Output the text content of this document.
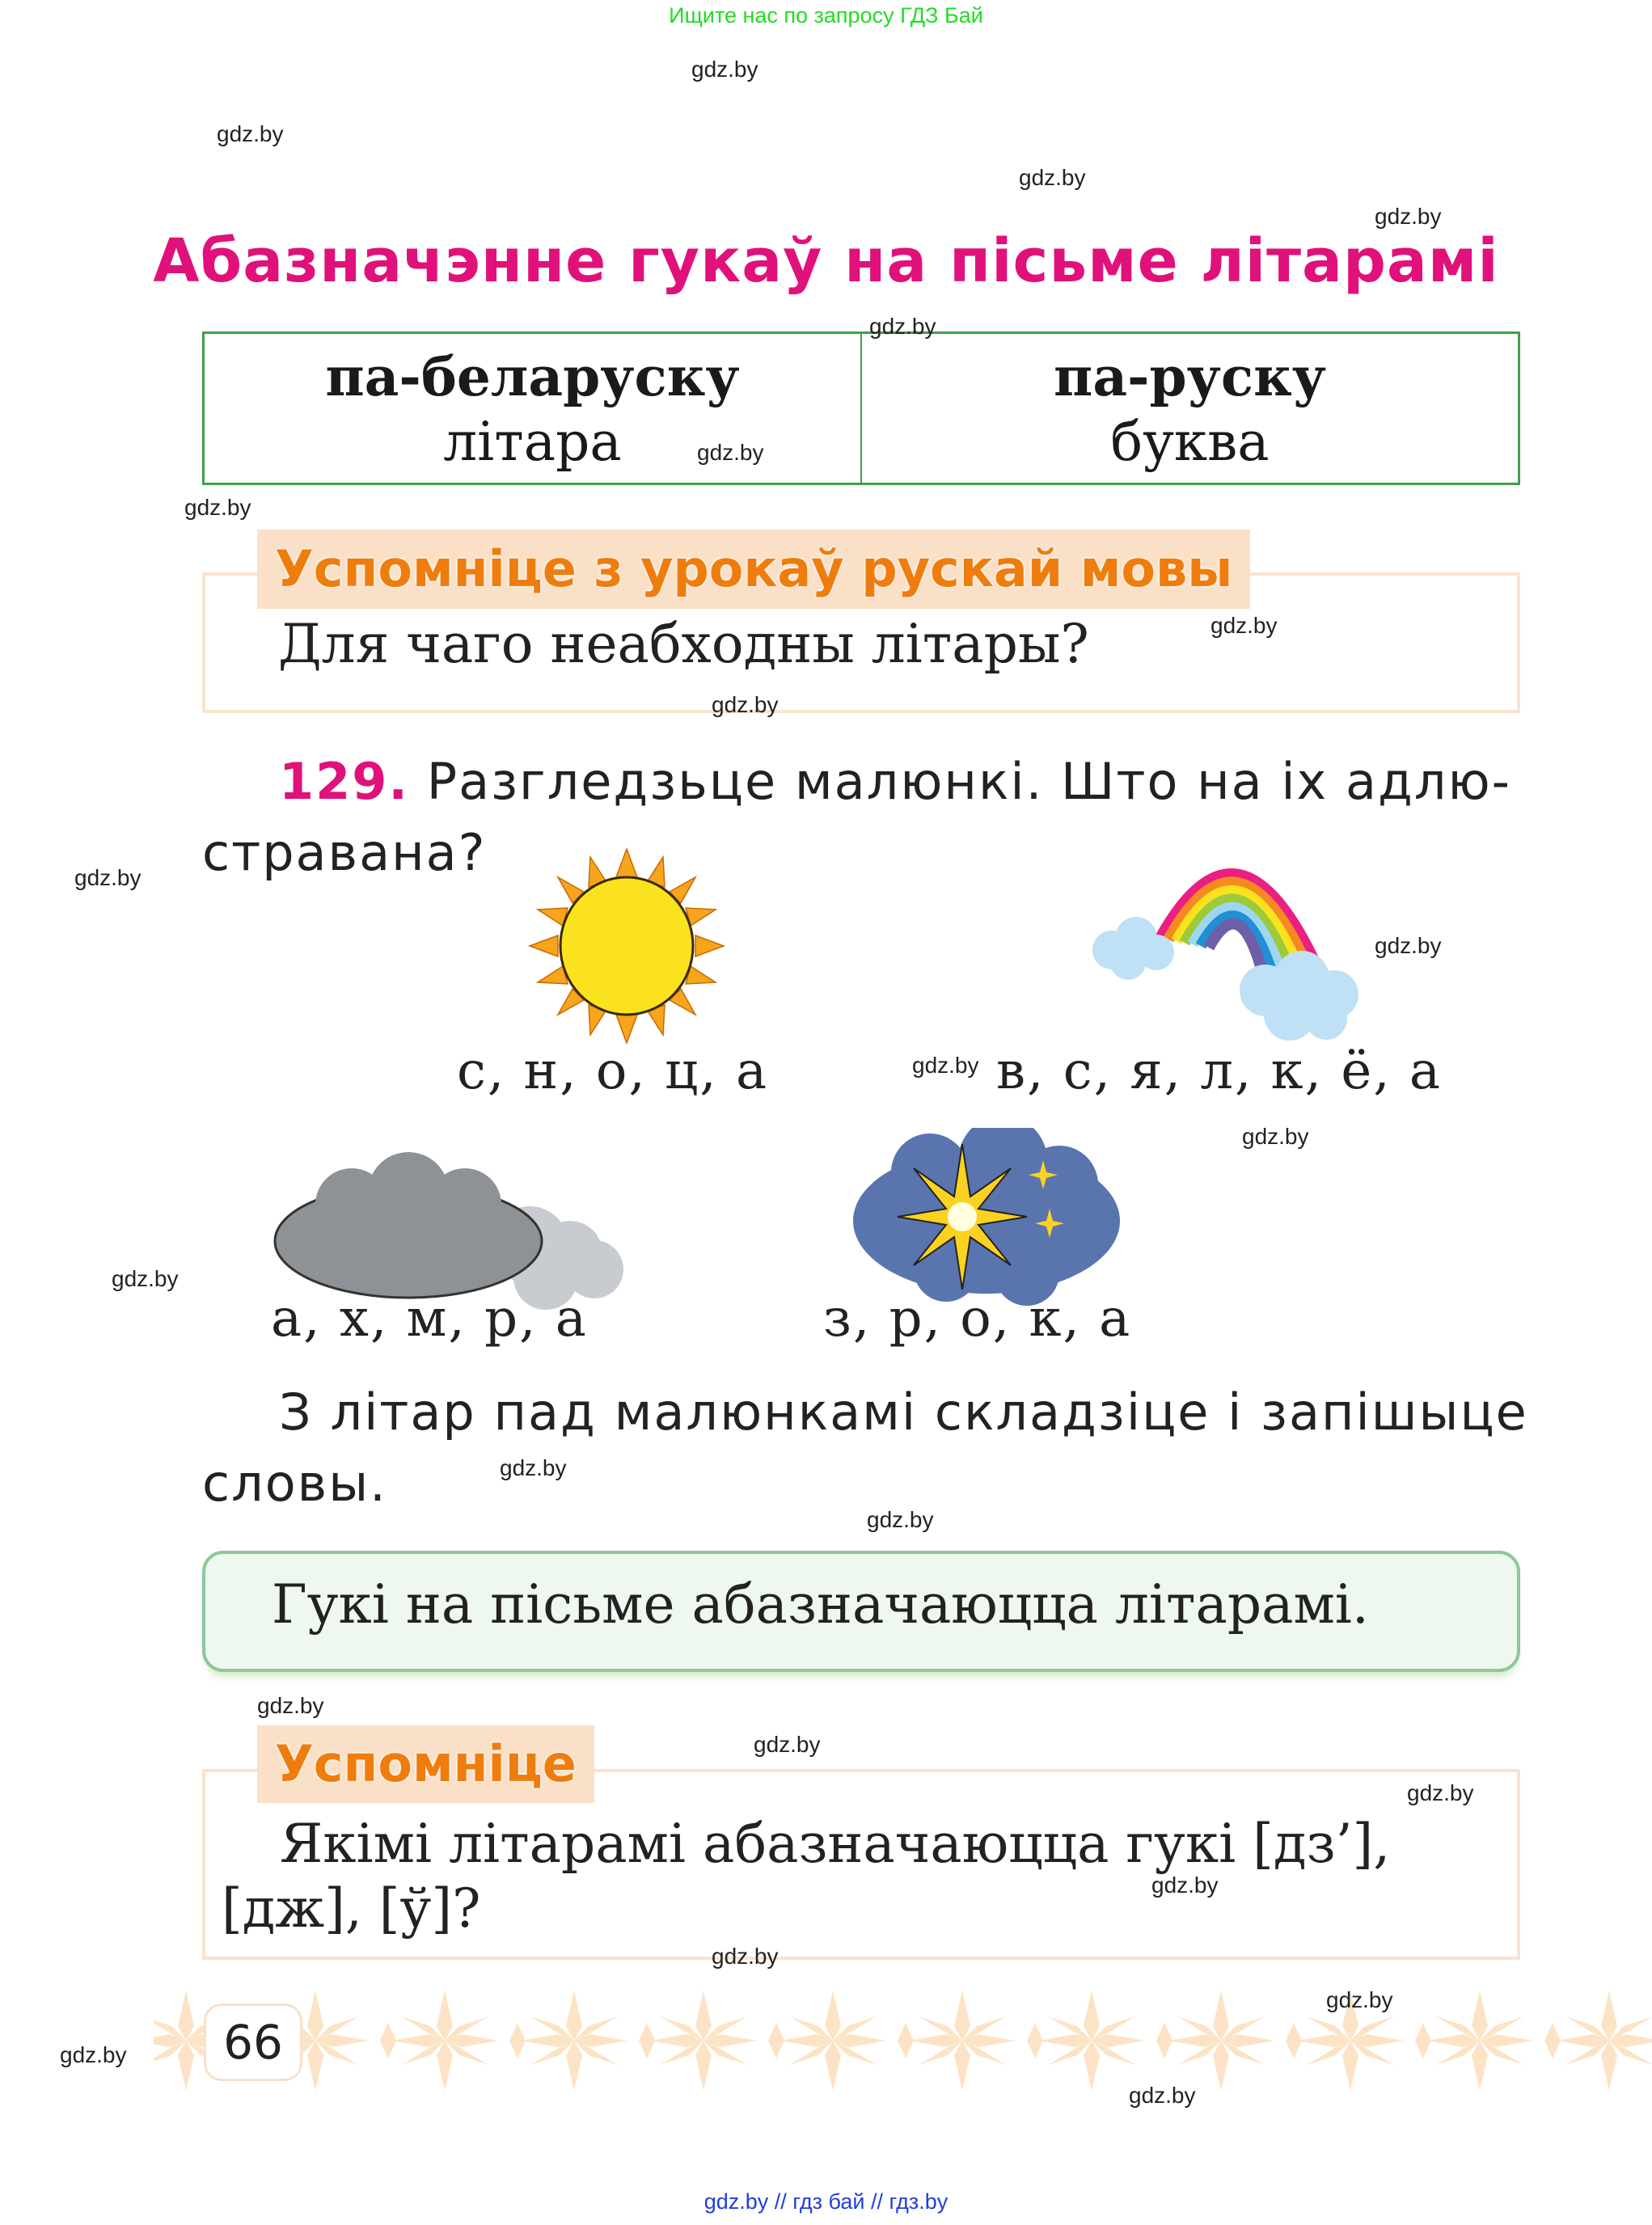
Ищите нас по запросу ГДЗ Бай
gdz.by
gdz.by
gdz.by
gdz.by
gdz.by
gdz.by
gdz.by
gdz.by
gdz.by
gdz.by
gdz.by
gdz.by
gdz.by
gdz.by
gdz.by
gdz.by
gdz.by
gdz.by
gdz.by
gdz.by
gdz.by
gdz.by
gdz.by
gdz.by
Абазначэнне гукаў на пісьме літарамі
па-беларуску
літара
па-руску
буква
Для чаго неабходны літары?
Успомніце з урокаў рускай мовы
129. Разгледзьце малюнкі. Што на іх адлю-
стравана?
с, н, о, ц, а	в, с, я, л, к, ё, а
а, х, м, р, а	з, р, о, к, а
З літар пад малюнкамі складзіце і запішыце
словы.
Гукі на пісьме абазначаюцца літарамі.
Якімі літарамі абазначаюцца гукі [дз’],
[дж], [ў]?
Успомніце
66
gdz.by // гдз бай // гдз.by
